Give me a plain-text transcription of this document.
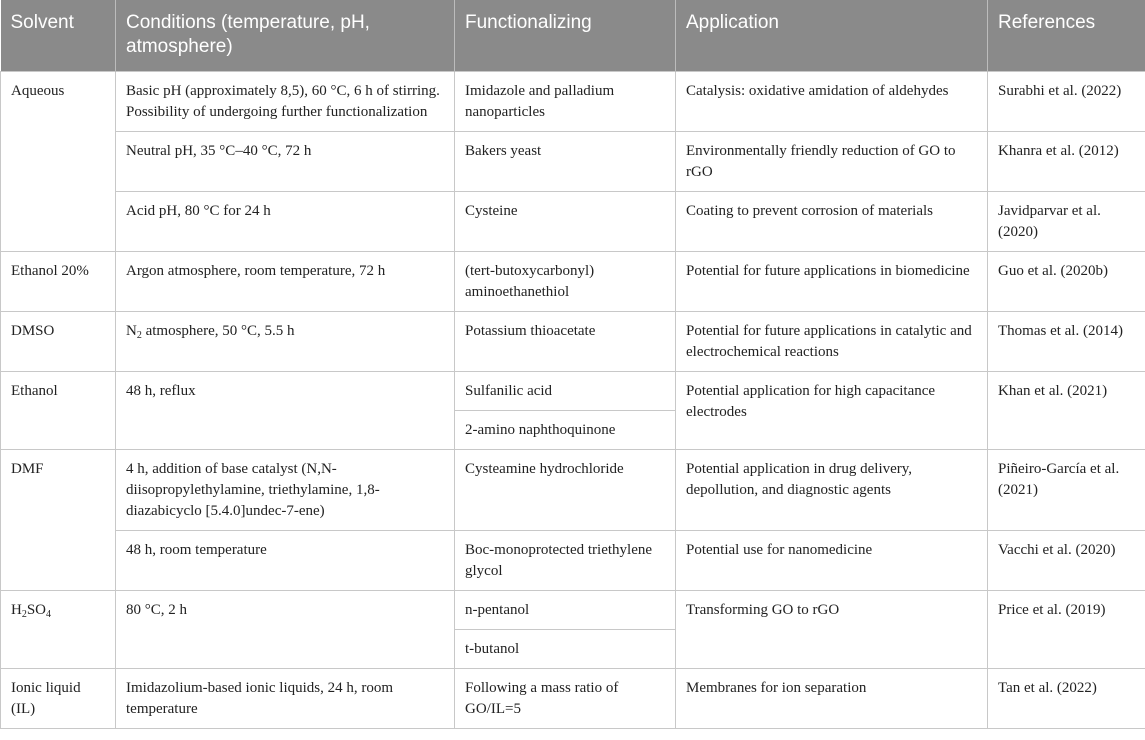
Solvent	Conditions (temperature, pH, atmosphere)	Functionalizing	Application	References
Aqueous	Basic pH (approximately 8,5), 60 °C, 6 h of stirring. Possibility of undergoing further functionalization	Imidazole and palladium nanoparticles	Catalysis: oxidative amidation of aldehydes	Surabhi et al. (2022)
	Neutral pH, 35 °C–40 °C, 72 h	Bakers yeast	Environmentally friendly reduction of GO to rGO	Khanra et al. (2012)
	Acid pH, 80 °C for 24 h	Cysteine	Coating to prevent corrosion of materials	Javidparvar et al. (2020)
Ethanol 20%	Argon atmosphere, room temperature, 72 h	(tert-butoxycarbonyl) aminoethanethiol	Potential for future applications in biomedicine	Guo et al. (2020b)
DMSO	$N_2$ atmosphere, 50 °C, 5.5 h	Potassium thioacetate	Potential for future applications in catalytic and electrochemical reactions	Thomas et al. (2014)
Ethanol	48 h, reflux	Sulfanilic acid	Potential application for high capacitance electrodes	Khan et al. (2021)
		2-amino naphthoquinone		
DMF	4 h, addition of base catalyst (N,N-diisopropylethylamine, triethylamine, 1,8-diazabicyclo [5.4.0]undec-7-ene)	Cysteamine hydrochloride	Potential application in drug delivery, depollution, and diagnostic agents	Piñeiro-García et al. (2021)
	48 h, room temperature	Boc-monoprotected triethylene glycol	Potential use for nanomedicine	Vacchi et al. (2020)
$H_2SO_4$	80 °C, 2 h	n-pentanol	Transforming GO to rGO	Price et al. (2019)
		t-butanol		
Ionic liquid (IL)	Imidazolium-based ionic liquids, 24 h, room temperature	Following a mass ratio of GO/IL=5	Membranes for ion separation	Tan et al. (2022)
